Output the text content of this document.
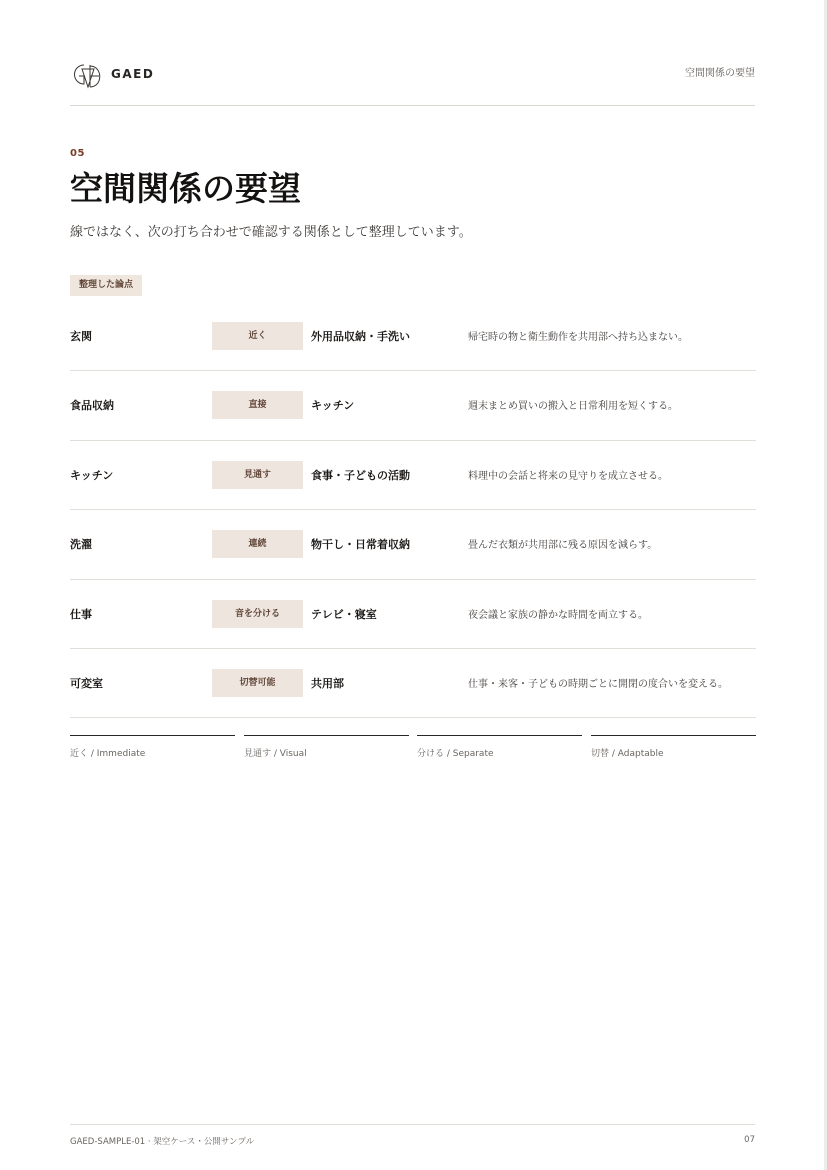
GAED	空間関係の要望
05
空間関係の要望
線ではなく、次の打ち合わせで確認する関係として整理しています。
整理した論点
玄関	近く	外用品収納・手洗い	帰宅時の物と衛生動作を共用部へ持ち込まない。
食品収納	直接	キッチン	週末まとめ買いの搬入と日常利用を短くする。
キッチン	見通す	食事・子どもの活動	料理中の会話と将来の見守りを成立させる。
洗濯	連続	物干し・日常着収納	畳んだ衣類が共用部に残る原因を減らす。
仕事	音を分ける	テレビ・寝室	夜会議と家族の静かな時間を両立する。
可変室	切替可能	共用部	仕事・来客・子どもの時期ごとに開閉の度合いを変える。
近く / Immediate	見通す / Visual	分ける / Separate	切替 / Adaptable
GAED-SAMPLE-01 · 架空ケース・公開サンプル	07
